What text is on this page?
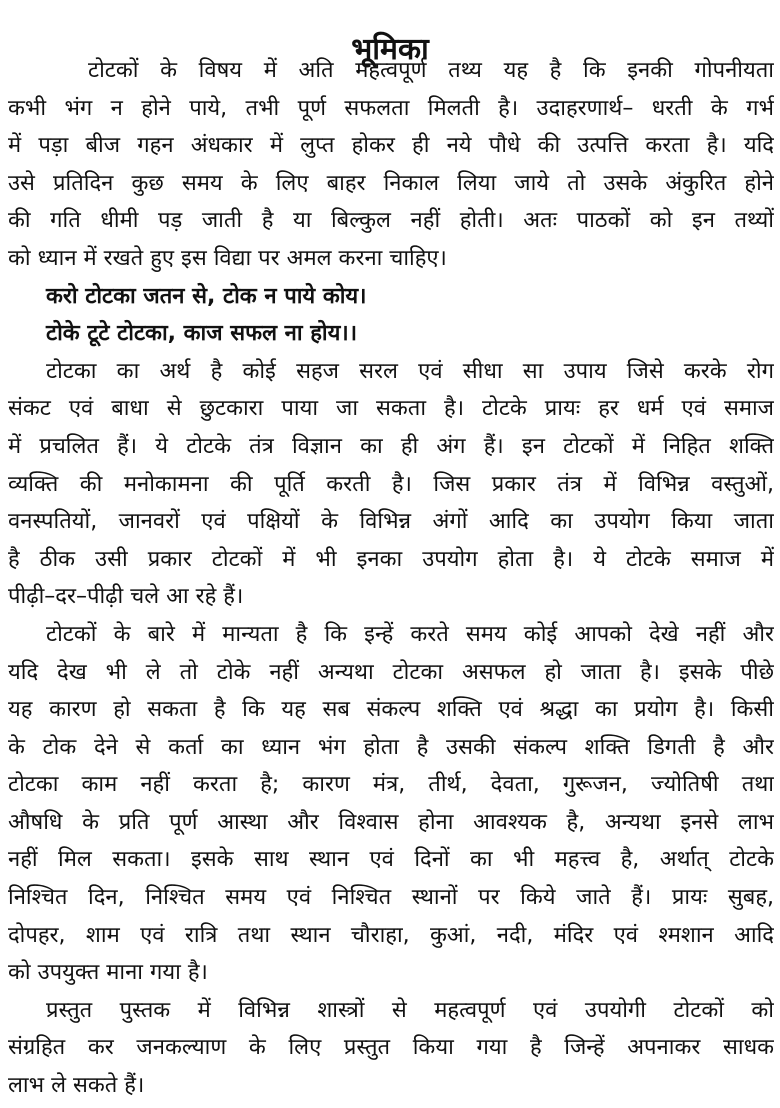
भूमिका
टोटकों के विषय में अति महत्वपूर्ण तथ्य यह है कि इनकी गोपनीयता
कभी भंग न होने पाये, तभी पूर्ण सफलता मिलती है। उदाहरणार्थ– धरती के गर्भ
में पड़ा बीज गहन अंधकार में लुप्त होकर ही नये पौधे की उत्पत्ति करता है। यदि
उसे प्रतिदिन कुछ समय के लिए बाहर निकाल लिया जाये तो उसके अंकुरित होने
की गति धीमी पड़ जाती है या बिल्कुल नहीं होती। अतः पाठकों को इन तथ्यों
को ध्यान में रखते हुए इस विद्या पर अमल करना चाहिए।
करो टोटका जतन से, टोक न पाये कोय।
टोके टूटे टोटका, काज सफल ना होय।।
टोटका का अर्थ है कोई सहज सरल एवं सीधा सा उपाय जिसे करके रोग
संकट एवं बाधा से छुटकारा पाया जा सकता है। टोटके प्रायः हर धर्म एवं समाज
में प्रचलित हैं। ये टोटके तंत्र विज्ञान का ही अंग हैं। इन टोटकों में निहित शक्ति
व्यक्ति की मनोकामना की पूर्ति करती है। जिस प्रकार तंत्र में विभिन्न वस्तुओं,
वनस्पतियों, जानवरों एवं पक्षियों के विभिन्न अंगों आदि का उपयोग किया जाता
है ठीक उसी प्रकार टोटकों में भी इनका उपयोग होता है। ये टोटके समाज में
पीढ़ी–दर–पीढ़ी चले आ रहे हैं।
टोटकों के बारे में मान्यता है कि इन्हें करते समय कोई आपको देखे नहीं और
यदि देख भी ले तो टोके नहीं अन्यथा टोटका असफल हो जाता है। इसके पीछे
यह कारण हो सकता है कि यह सब संकल्प शक्ति एवं श्रद्धा का प्रयोग है। किसी
के टोक देने से कर्ता का ध्यान भंग होता है उसकी संकल्प शक्ति डिगती है और
टोटका काम नहीं करता है; कारण मंत्र, तीर्थ, देवता, गुरूजन, ज्योतिषी तथा
औषधि के प्रति पूर्ण आस्था और विश्वास होना आवश्यक है, अन्यथा इनसे लाभ
नहीं मिल सकता। इसके साथ स्थान एवं दिनों का भी महत्त्व है, अर्थात् टोटके
निश्चित दिन, निश्चित समय एवं निश्चित स्थानों पर किये जाते हैं। प्रायः सुबह,
दोपहर, शाम एवं रात्रि तथा स्थान चौराहा, कुआं, नदी, मंदिर एवं श्मशान आदि
को उपयुक्त माना गया है।
प्रस्तुत पुस्तक में विभिन्न शास्त्रों से महत्वपूर्ण एवं उपयोगी टोटकों को
संग्रहित कर जनकल्याण के लिए प्रस्तुत किया गया है जिन्हें अपनाकर साधक
लाभ ले सकते हैं।
